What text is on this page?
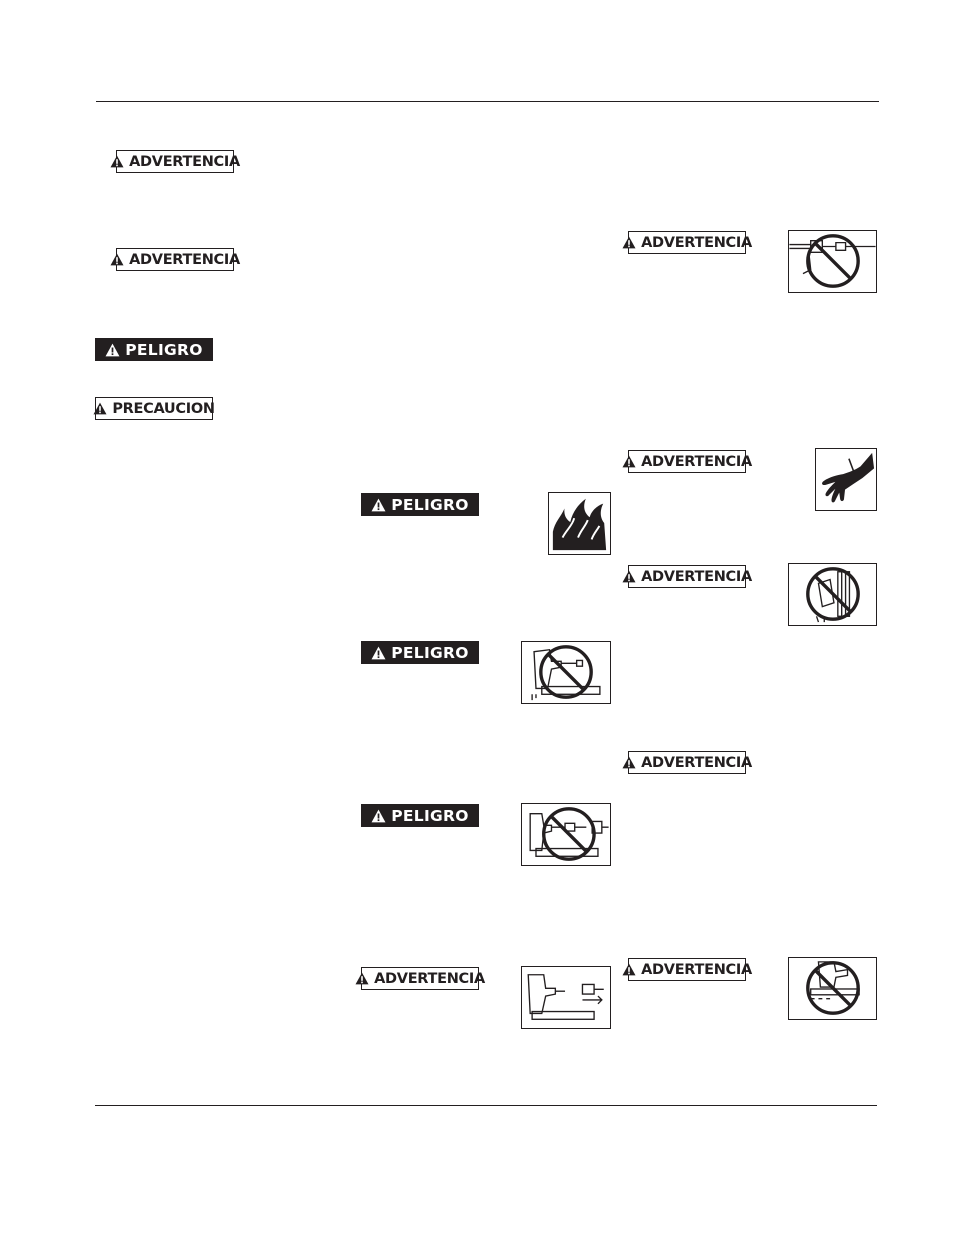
ADVERTENCIA
ADVERTENCIA
PELIGRO
PRECAUCION
PELIGRO
PELIGRO
PELIGRO
ADVERTENCIA
ADVERTENCIA
ADVERTENCIA
ADVERTENCIA
ADVERTENCIA
ADVERTENCIA
